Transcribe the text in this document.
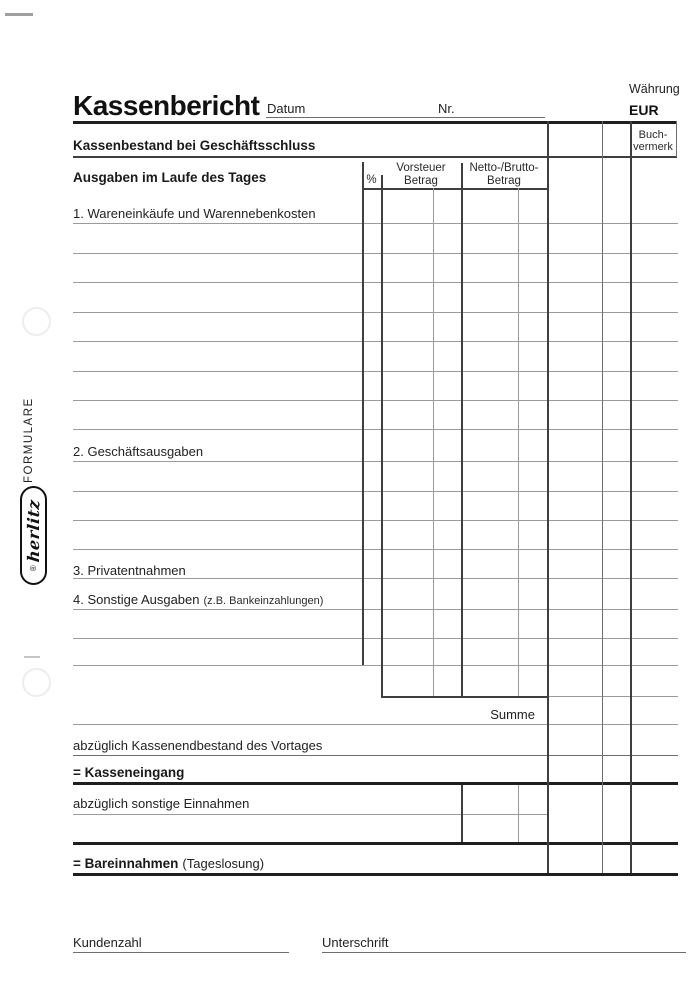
FORMULARE
®
herlitz
Währung
EUR
Kassenbericht Datum	Nr.
Kassenbestand bei Geschäftsschluss
Buch-
vermerk
Ausgaben im Laufe des Tages	%
Vorsteuer
Betrag
Netto-/Brutto-
Betrag
1. Wareneinkäufe und Warennebenkosten
2. Geschäftsausgaben
3. Privatentnahmen
4. Sonstige Ausgaben (z.B. Bankeinzahlungen)
Summe
abzüglich Kassenendbestand des Vortages
= Kasseneingang
abzüglich sonstige Einnahmen
= Bareinnahmen (Tageslosung)
Kundenzahl	Unterschrift
